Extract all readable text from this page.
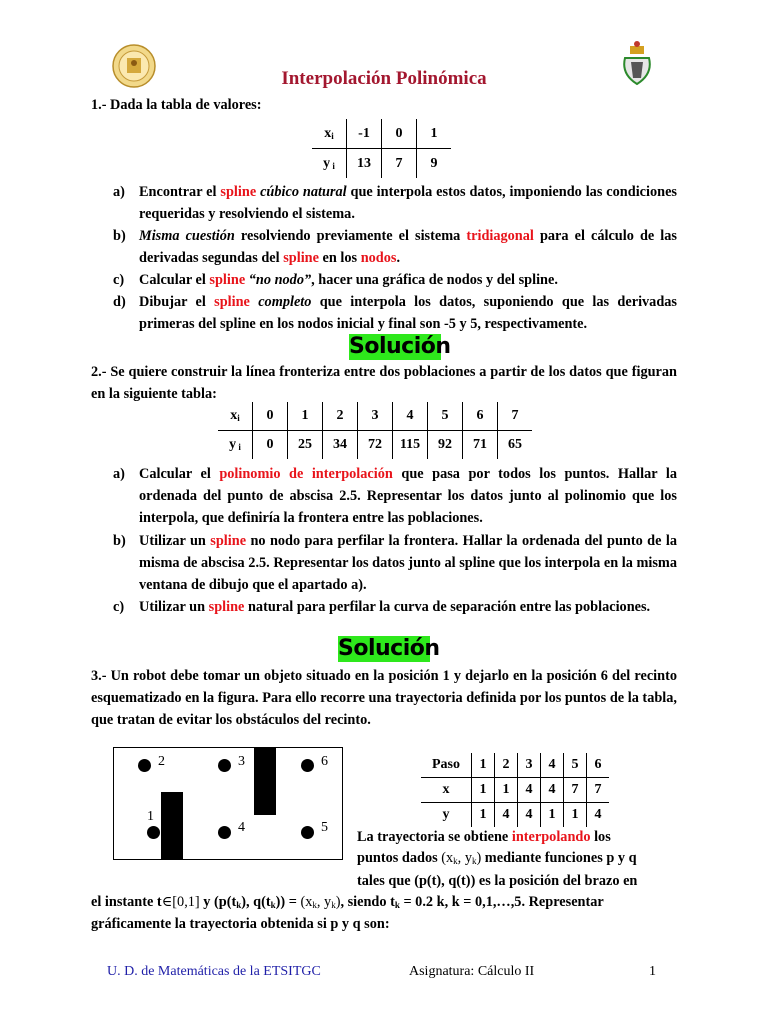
Interpolación Polinómica
1.- Dada la tabla de valores:
$x_i$	-1	0	1
y $_i$	13	7	9
a) Encontrar el spline cúbico natural que interpola estos datos, imponiendo las condiciones requeridas y resolviendo el sistema.
b) Misma cuestión resolviendo previamente el sistema tridiagonal para el cálculo de las derivadas segundas del spline en los nodos.
c) Calcular el spline “no nodo”, hacer una gráfica de nodos y del spline.
d) Dibujar el spline completo que interpola los datos, suponiendo que las derivadas primeras del spline en los nodos inicial y final son -5 y 5, respectivamente.
Solución
2.- Se quiere construir la línea fronteriza entre dos poblaciones a partir de los datos que figuran en la siguiente tabla:
$x_i$	0	1	2	3	4	5	6	7
y $_i$	0	25	34	72	115	92	71	65
a) Calcular el polinomio de interpolación que pasa por todos los puntos. Hallar la ordenada del punto de abscisa 2.5. Representar los datos junto al polinomio que los interpola, que definiría la frontera entre las poblaciones.
b) Utilizar un spline no nodo para perfilar la frontera. Hallar la ordenada del punto de la misma de abscisa 2.5. Representar los datos junto al spline que los interpola en la misma ventana de dibujo que el apartado a).
c) Utilizar un spline natural para perfilar la curva de separación entre las poblaciones.
Solución
3.- Un robot debe tomar un objeto situado en la posición 1 y dejarlo en la posición 6 del recinto esquematizado en la figura. Para ello recorre una trayectoria definida por los puntos de la tabla, que tratan de evitar los obstáculos del recinto.
2	3	6
1
4	5
Paso	1	2	3	4	5	6
x	1	1	4	4	7	7
y	1	4	4	1	1	4
La trayectoria se obtiene interpolando los
puntos dados ($x_k$, $y_k$) mediante funciones p y q
tales que (p(t), q(t)) es la posición del brazo en
el instante t∈[0,1] y ($p(t_k)$, $q(t_k)) = (x_k$, $y_k$), siendo $t_k = 0.2$ k, k = 0,1,…,5. Representar
gráficamente la trayectoria obtenida si p y q son:
U. D. de Matemáticas de la ETSITGC	Asignatura: Cálculo II	1
